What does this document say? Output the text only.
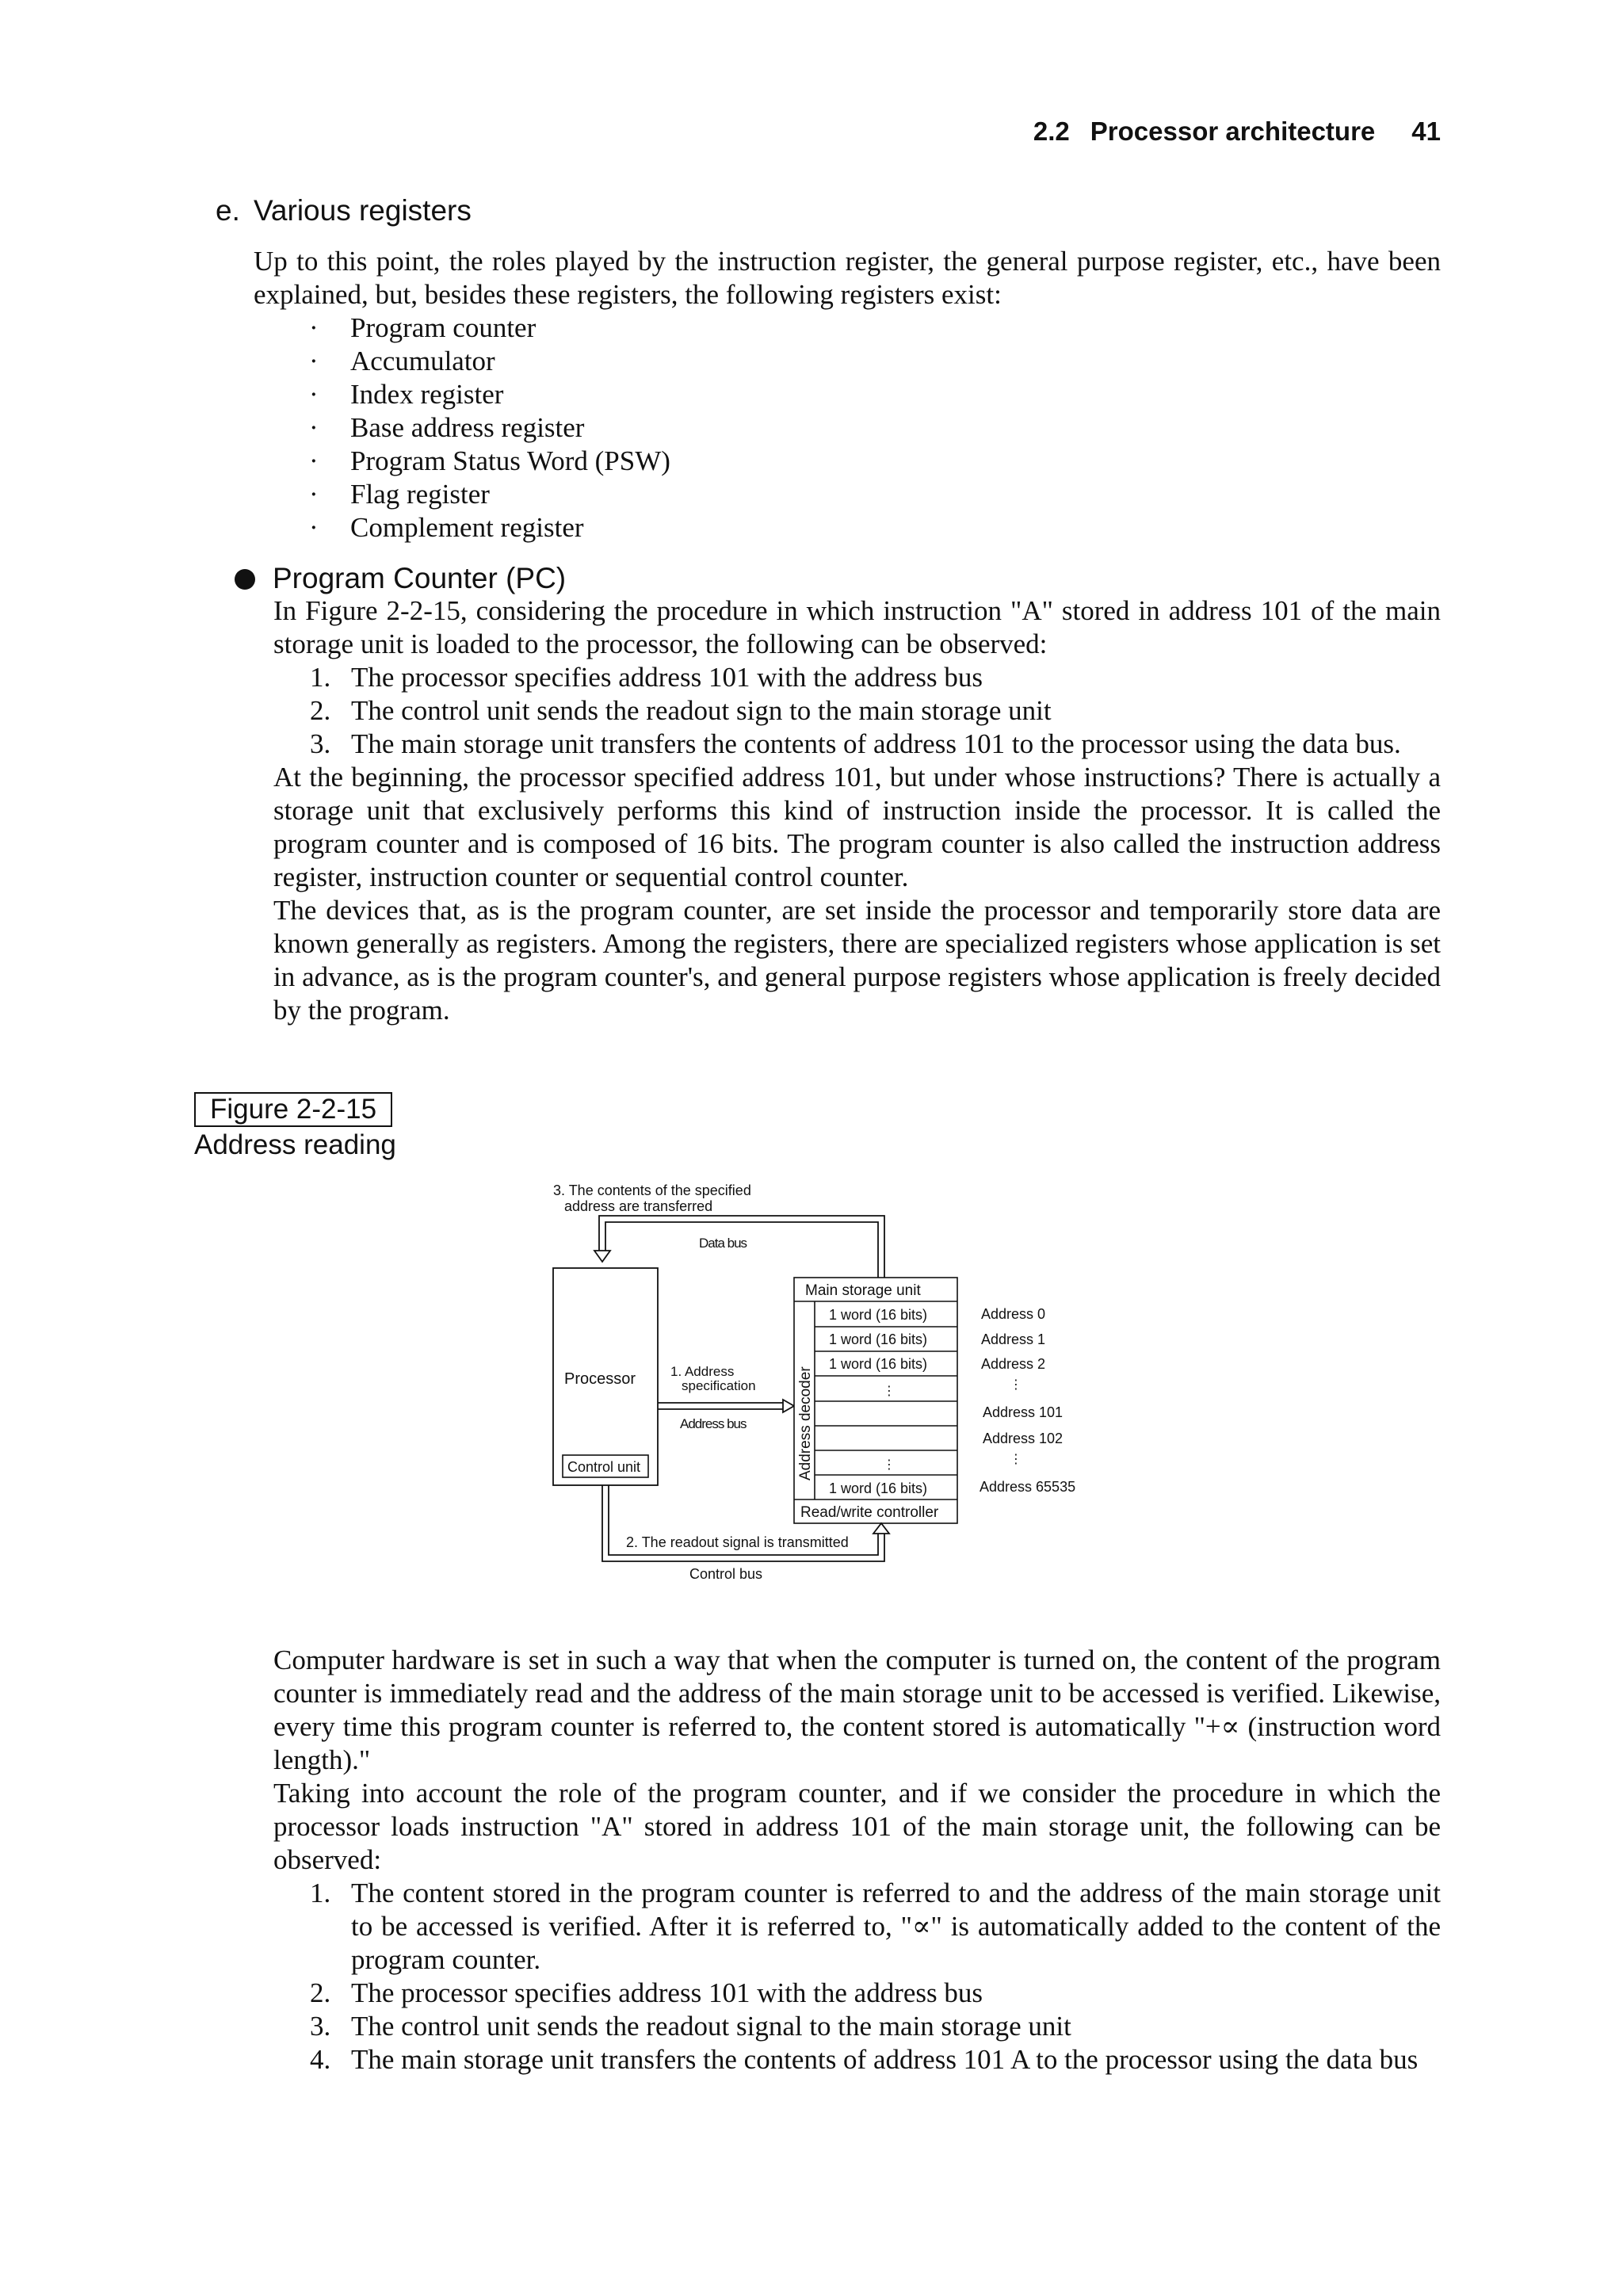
2.2 Processor architecture 41
e. Various registers
Up to this point, the roles played by the instruction register, the general purpose register, etc., have been explained, but, besides these registers, the following registers exist:
· Program counter
· Accumulator
· Index register
· Base address register
· Program Status Word (PSW)
· Flag register
· Complement register
Program Counter (PC)

In Figure 2-2-15, considering the procedure in which instruction "A" stored in address 101 of the main storage unit is loaded to the processor, the following can be observed:

1. The processor specifies address 101 with the address bus
2. The control unit sends the readout sign to the main storage unit
3. The main storage unit transfers the contents of address 101 to the processor using the data bus.

At the beginning, the processor specified address 101, but under whose instructions? There is actually a storage unit that exclusively performs this kind of instruction inside the processor. It is called the program counter and is composed of 16 bits. The program counter is also called the instruction address register, instruction counter or sequential control counter.

The devices that, as is the program counter, are set inside the processor and temporarily store data are known generally as registers. Among the registers, there are specialized registers whose application is set in advance, as is the program counter's, and general purpose registers whose application is freely decided by the program.

Figure 2-2-15
Address reading
3. The contents of the specified
address are transferred
Data bus
Processor
Control unit
1. Address
specification
Address bus
Main storage unit
Address decoder
1 word (16 bits)
1 word (16 bits)
1 word (16 bits)
⋮
⋮
1 word (16 bits)
Read/write controller
Address 0
Address 1
Address 2
⋮
Address 101
Address 102
⋮
Address 65535
2. The readout signal is transmitted
Control bus

Computer hardware is set in such a way that when the computer is turned on, the content of the program counter is immediately read and the address of the main storage unit to be accessed is verified. Likewise, every time this program counter is referred to, the content stored is automatically "+∝ (instruction word length)."

Taking into account the role of the program counter, and if we consider the procedure in which the processor loads instruction "A" stored in address 101 of the main storage unit, the following can be observed:

1. The content stored in the program counter is referred to and the address of the main storage unit to be accessed is verified. After it is referred to, "∝" is automatically added to the content of the program counter.
2. The processor specifies address 101 with the address bus
3. The control unit sends the readout signal to the main storage unit
4. The main storage unit transfers the contents of address 101 A to the processor using the data bus
